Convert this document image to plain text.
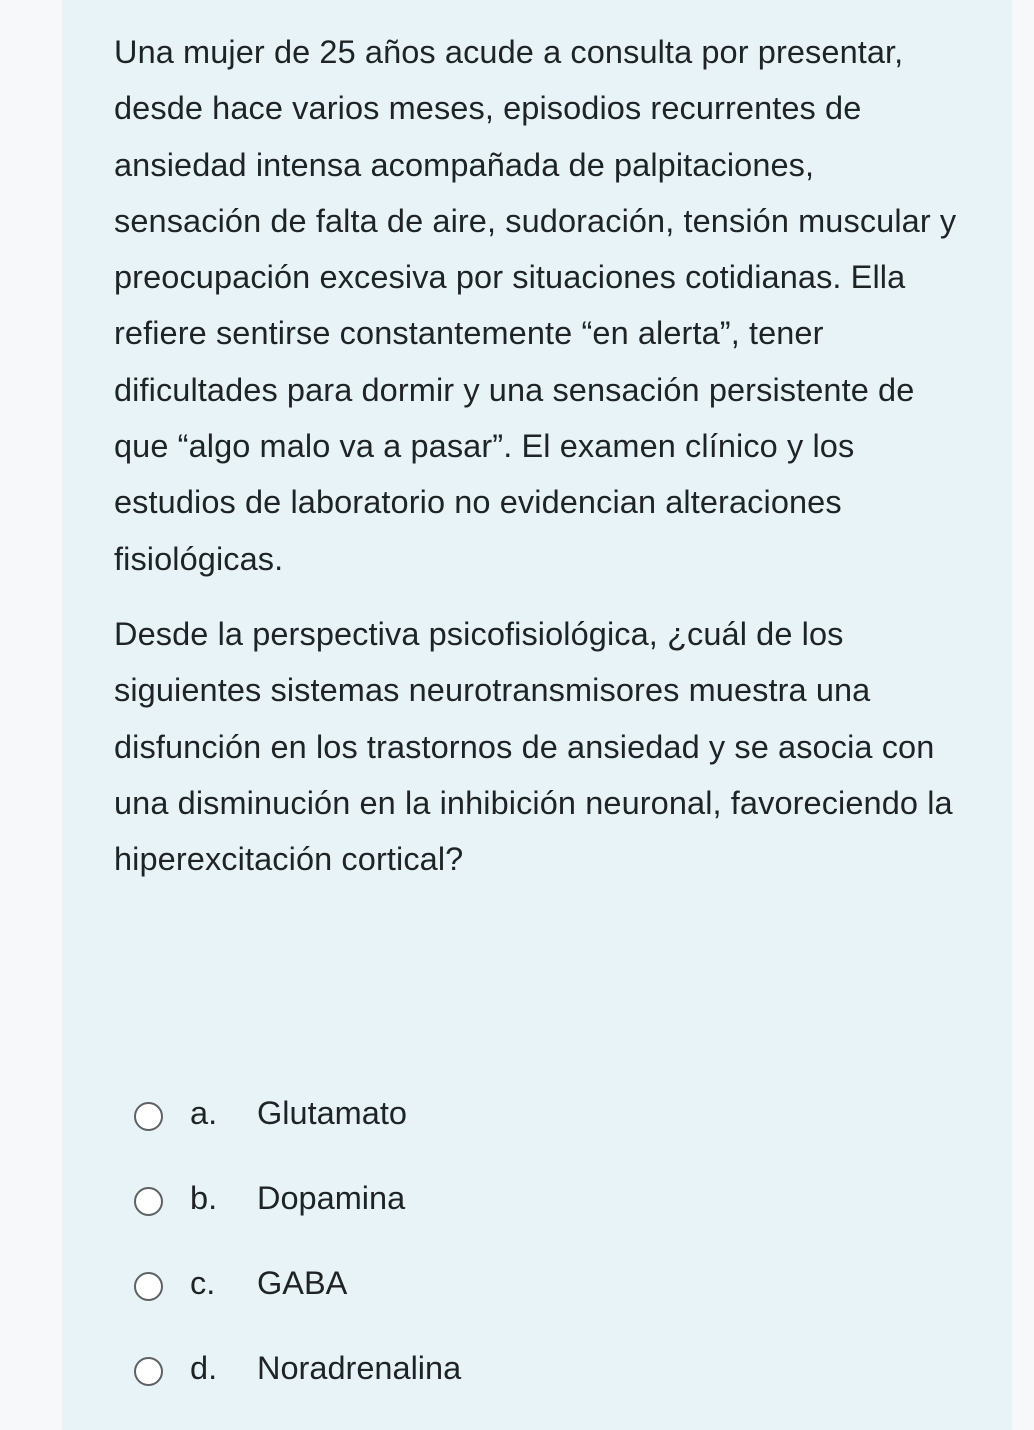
Una mujer de 25 años acude a consulta por presentar, desde hace varios meses, episodios recurrentes de ansiedad intensa acompañada de palpitaciones, sensación de falta de aire, sudoración, tensión muscular y preocupación excesiva por situaciones cotidianas. Ella refiere sentirse constantemente “en alerta”, tener dificultades para dormir y una sensación persistente de que “algo malo va a pasar”. El examen clínico y los estudios de laboratorio no evidencian alteraciones fisiológicas.

Desde la perspectiva psicofisiológica, ¿cuál de los siguientes sistemas neurotransmisores muestra una disfunción en los trastornos de ansiedad y se asocia con una disminución en la inhibición neuronal, favoreciendo la hiperexcitación cortical?

a. Glutamato
b. Dopamina
c. GABA
d. Noradrenalina
